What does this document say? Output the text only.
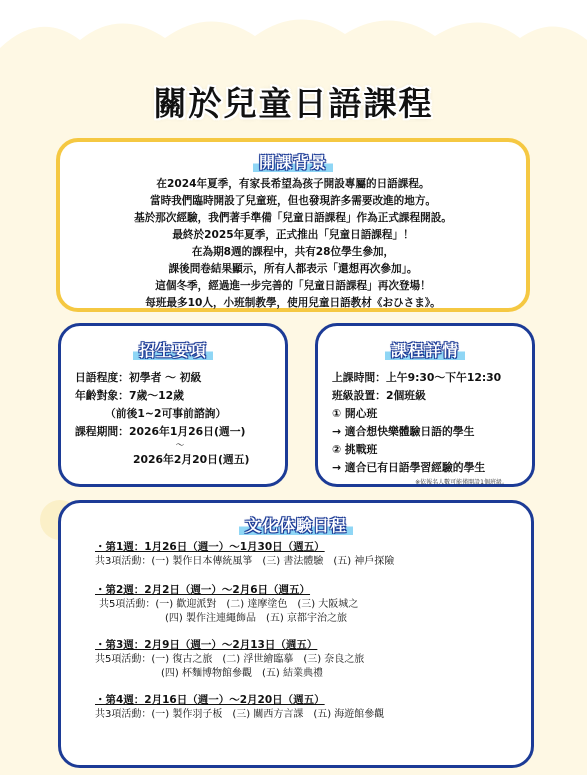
關於兒童日語課程
開課背景
在2024年夏季，有家長希望為孩子開設專屬的日語課程。
當時我們臨時開設了兒童班，但也發現許多需要改進的地方。
基於那次經驗，我們著手準備「兒童日語課程」作為正式課程開設。
最終於2025年夏季，正式推出「兒童日語課程」！
在為期8週的課程中，共有28位學生參加，
課後問卷結果顯示，所有人都表示「還想再次參加」。
這個冬季，經過進一步完善的「兒童日語課程」再次登場！
每班最多10人，小班制教學，使用兒童日語教材《おひさま》。
招生要項
日語程度：初學者 ～ 初級
年齡對象：7歲～12歲
（前後1~2可事前諮詢）
課程期間：2026年1月26日(週一)
～
2026年2月20日(週五)
課程詳情
上課時間：上午9:30～下午12:30
班級設置：2個班級
① 開心班
→ 適合想快樂體驗日語的學生
② 挑戰班
→ 適合已有日語學習經驗的學生
※依報名人數可能僅開設1個班級。
文化体験日程
・第1週：1月26日（週一）～1月30日（週五）
共3項活動：(一) 製作日本傳統風箏　(三) 書法體驗　(五) 神戶探險
・第2週：2月2日（週一）～2月6日（週五）
共5項活動：(一) 歡迎派對　(二) 達摩塗色　(三) 大阪城之
(四) 製作注連繩飾品　(五) 京都宇治之旅
・第3週：2月9日（週一）～2月13日（週五）
共5項活動：(一) 復古之旅　(二) 浮世繪臨摹　(三) 奈良之旅
(四) 杯麵博物館參觀　(五) 結業典禮
・第4週：2月16日（週一）～2月20日（週五）
共3項活動：(一) 製作羽子板　(三) 關西方言課　(五) 海遊館參觀
